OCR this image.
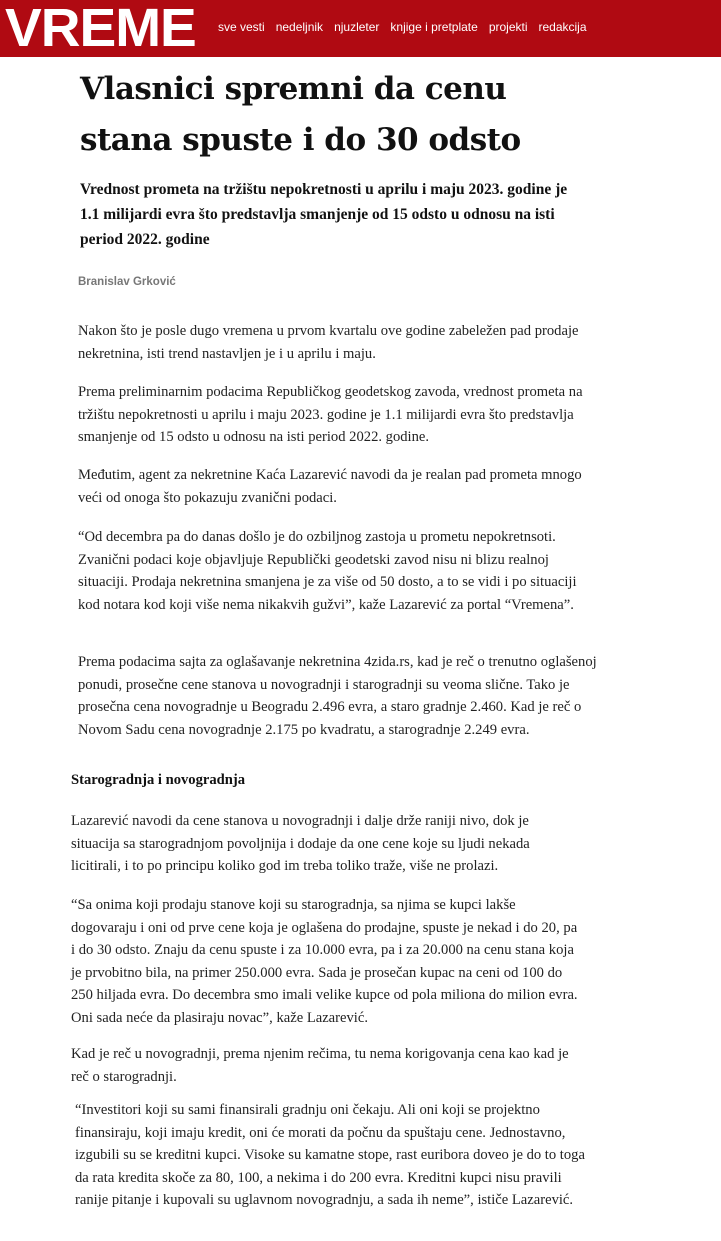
VREME sve vesti nedeljnik njuzleter knjige i pretplate projekti redakcija
Vlasnici spremni da cenu stana spuste i do 30 odsto

Vrednost prometa na tržištu nepokretnosti u aprilu i maju 2023. godine je 1.1 milijardi evra što predstavlja smanjenje od 15 odsto u odnosu na isti period 2022. godine

Branislav Grković

Nakon što je posle dugo vremena u prvom kvartalu ove godine zabeležen pad prodaje nekretnina, isti trend nastavljen je i u aprilu i maju.

Prema preliminarnim podacima Republičkog geodetskog zavoda, vrednost prometa na tržištu nepokretnosti u aprilu i maju 2023. godine je 1.1 milijardi evra što predstavlja smanjenje od 15 odsto u odnosu na isti period 2022. godine.

Međutim, agent za nekretnine Kaća Lazarević navodi da je realan pad prometa mnogo veći od onoga što pokazuju zvanični podaci.

“Od decembra pa do danas došlo je do ozbiljnog zastoja u prometu nepokretnsoti. Zvanični podaci koje objavljuje Republički geodetski zavod nisu ni blizu realnoj situaciji. Prodaja nekretnina smanjena je za više od 50 dosto, a to se vidi i po situaciji kod notara kod koji više nema nikakvih gužvi”, kaže Lazarević za portal “Vremena”.

Prema podacima sajta za oglašavanje nekretnina 4zida.rs, kad je reč o trenutno oglašenoj ponudi, prosečne cene stanova u novogradnji i starogradnji su veoma slične. Tako je prosečna cena novogradnje u Beogradu 2.496 evra, a staro gradnje 2.460. Kad je reč o Novom Sadu cena novogradnje 2.175 po kvadratu, a starogradnje 2.249 evra.

Starogradnja i novogradnja

Lazarević navodi da cene stanova u novogradnji i dalje drže raniji nivo, dok je situacija sa starogradnjom povoljnija i dodaje da one cene koje su ljudi nekada licitirali, i to po principu koliko god im treba toliko traže, više ne prolazi.

“Sa onima koji prodaju stanove koji su starogradnja, sa njima se kupci lakše dogovaraju i oni od prve cene koja je oglašena do prodajne, spuste je nekad i do 20, pa i do 30 odsto. Znaju da cenu spuste i za 10.000 evra, pa i za 20.000 na cenu stana koja je prvobitno bila, na primer 250.000 evra. Sada je prosečan kupac na ceni od 100 do 250 hiljada evra. Do decembra smo imali velike kupce od pola miliona do milion evra. Oni sada neće da plasiraju novac”, kaže Lazarević.

Kad je reč u novogradnji, prema njenim rečima, tu nema korigovanja cena kao kad je reč o starogradnji.

“Investitori koji su sami finansirali gradnju oni čekaju. Ali oni koji se projektno finansiraju, koji imaju kredit, oni će morati da počnu da spuštaju cene. Jednostavno, izgubili su se kreditni kupci. Visoke su kamatne stope, rast euribora doveo je do to toga da rata kredita skoče za 80, 100, a nekima i do 200 evra. Kreditni kupci nisu pravili ranije pitanje i kupovali su uglavnom novogradnju, a sada ih neme”, ističe Lazarević.
